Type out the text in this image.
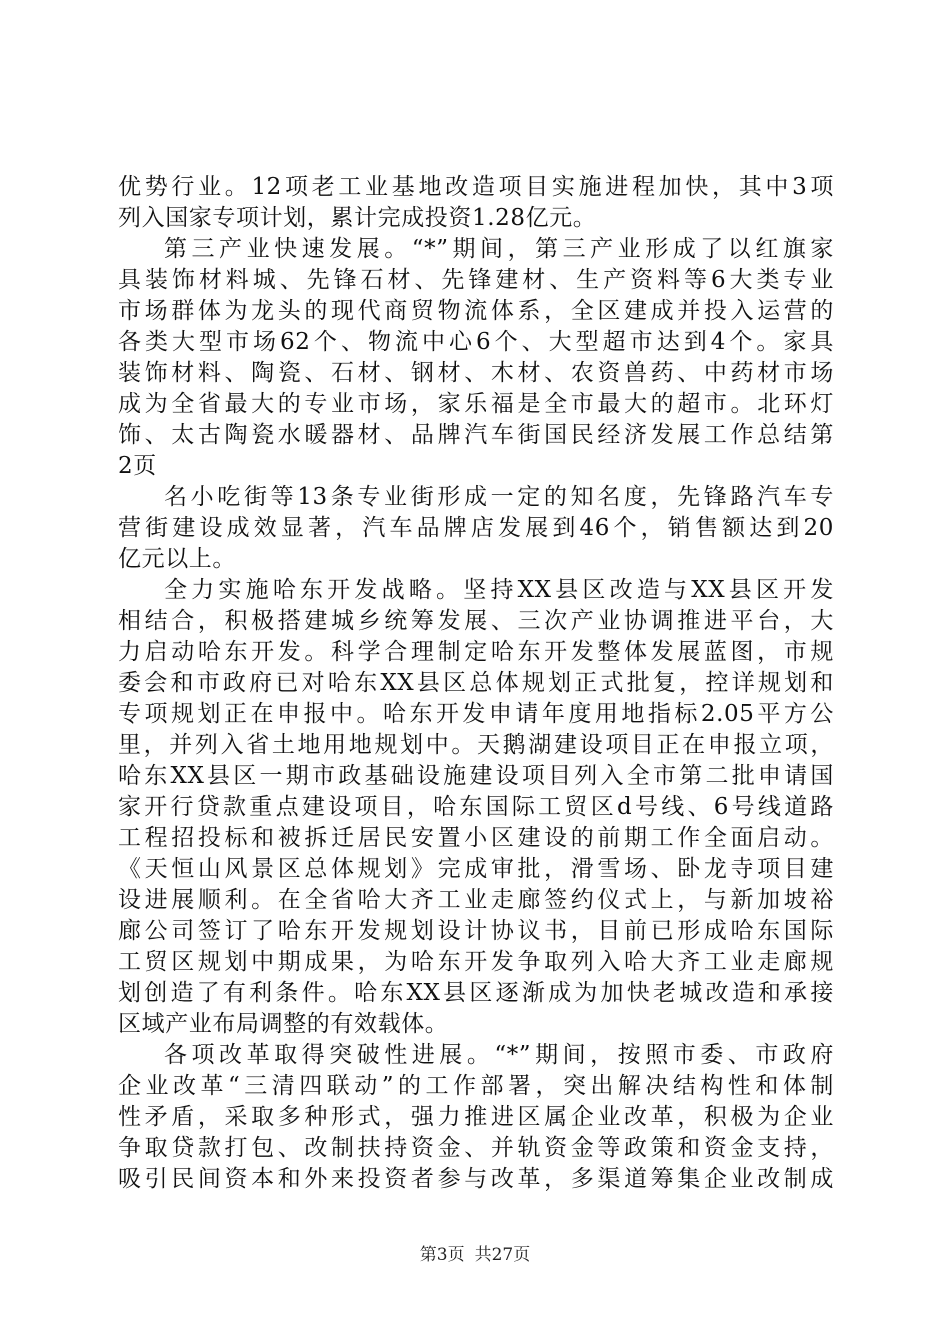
优势行业。12项老工业基地改造项目实施进程加快，其中3项
列入国家专项计划，累计完成投资1.28亿元。
第三产业快速发展。“*”期间，第三产业形成了以红旗家
具装饰材料城、先锋石材、先锋建材、生产资料等6大类专业
市场群体为龙头的现代商贸物流体系，全区建成并投入运营的
各类大型市场62个、物流中心6个、大型超市达到4个。家具
装饰材料、陶瓷、石材、钢材、木材、农资兽药、中药材市场
成为全省最大的专业市场，家乐福是全市最大的超市。北环灯
饰、太古陶瓷水暖器材、品牌汽车街国民经济发展工作总结第
2页
名小吃街等13条专业街形成一定的知名度，先锋路汽车专
营街建设成效显著，汽车品牌店发展到46个，销售额达到20
亿元以上。
全力实施哈东开发战略。坚持XX县区改造与XX县区开发
相结合，积极搭建城乡统筹发展、三次产业协调推进平台，大
力启动哈东开发。科学合理制定哈东开发整体发展蓝图，市规
委会和市政府已对哈东XX县区总体规划正式批复，控详规划和
专项规划正在申报中。哈东开发申请年度用地指标2.05平方公
里，并列入省土地用地规划中。天鹅湖建设项目正在申报立项，
哈东XX县区一期市政基础设施建设项目列入全市第二批申请国
家开行贷款重点建设项目，哈东国际工贸区d号线、6号线道路
工程招投标和被拆迁居民安置小区建设的前期工作全面启动。
《天恒山风景区总体规划》完成审批，滑雪场、卧龙寺项目建
设进展顺利。在全省哈大齐工业走廊签约仪式上，与新加坡裕
廊公司签订了哈东开发规划设计协议书，目前已形成哈东国际
工贸区规划中期成果，为哈东开发争取列入哈大齐工业走廊规
划创造了有利条件。哈东XX县区逐渐成为加快老城改造和承接
区域产业布局调整的有效载体。
各项改革取得突破性进展。“*”期间，按照市委、市政府
企业改革“三清四联动”的工作部署，突出解决结构性和体制
性矛盾，采取多种形式，强力推进区属企业改革，积极为企业
争取贷款打包、改制扶持资金、并轨资金等政策和资金支持，
吸引民间资本和外来投资者参与改革，多渠道筹集企业改制成
第3页 共27页
